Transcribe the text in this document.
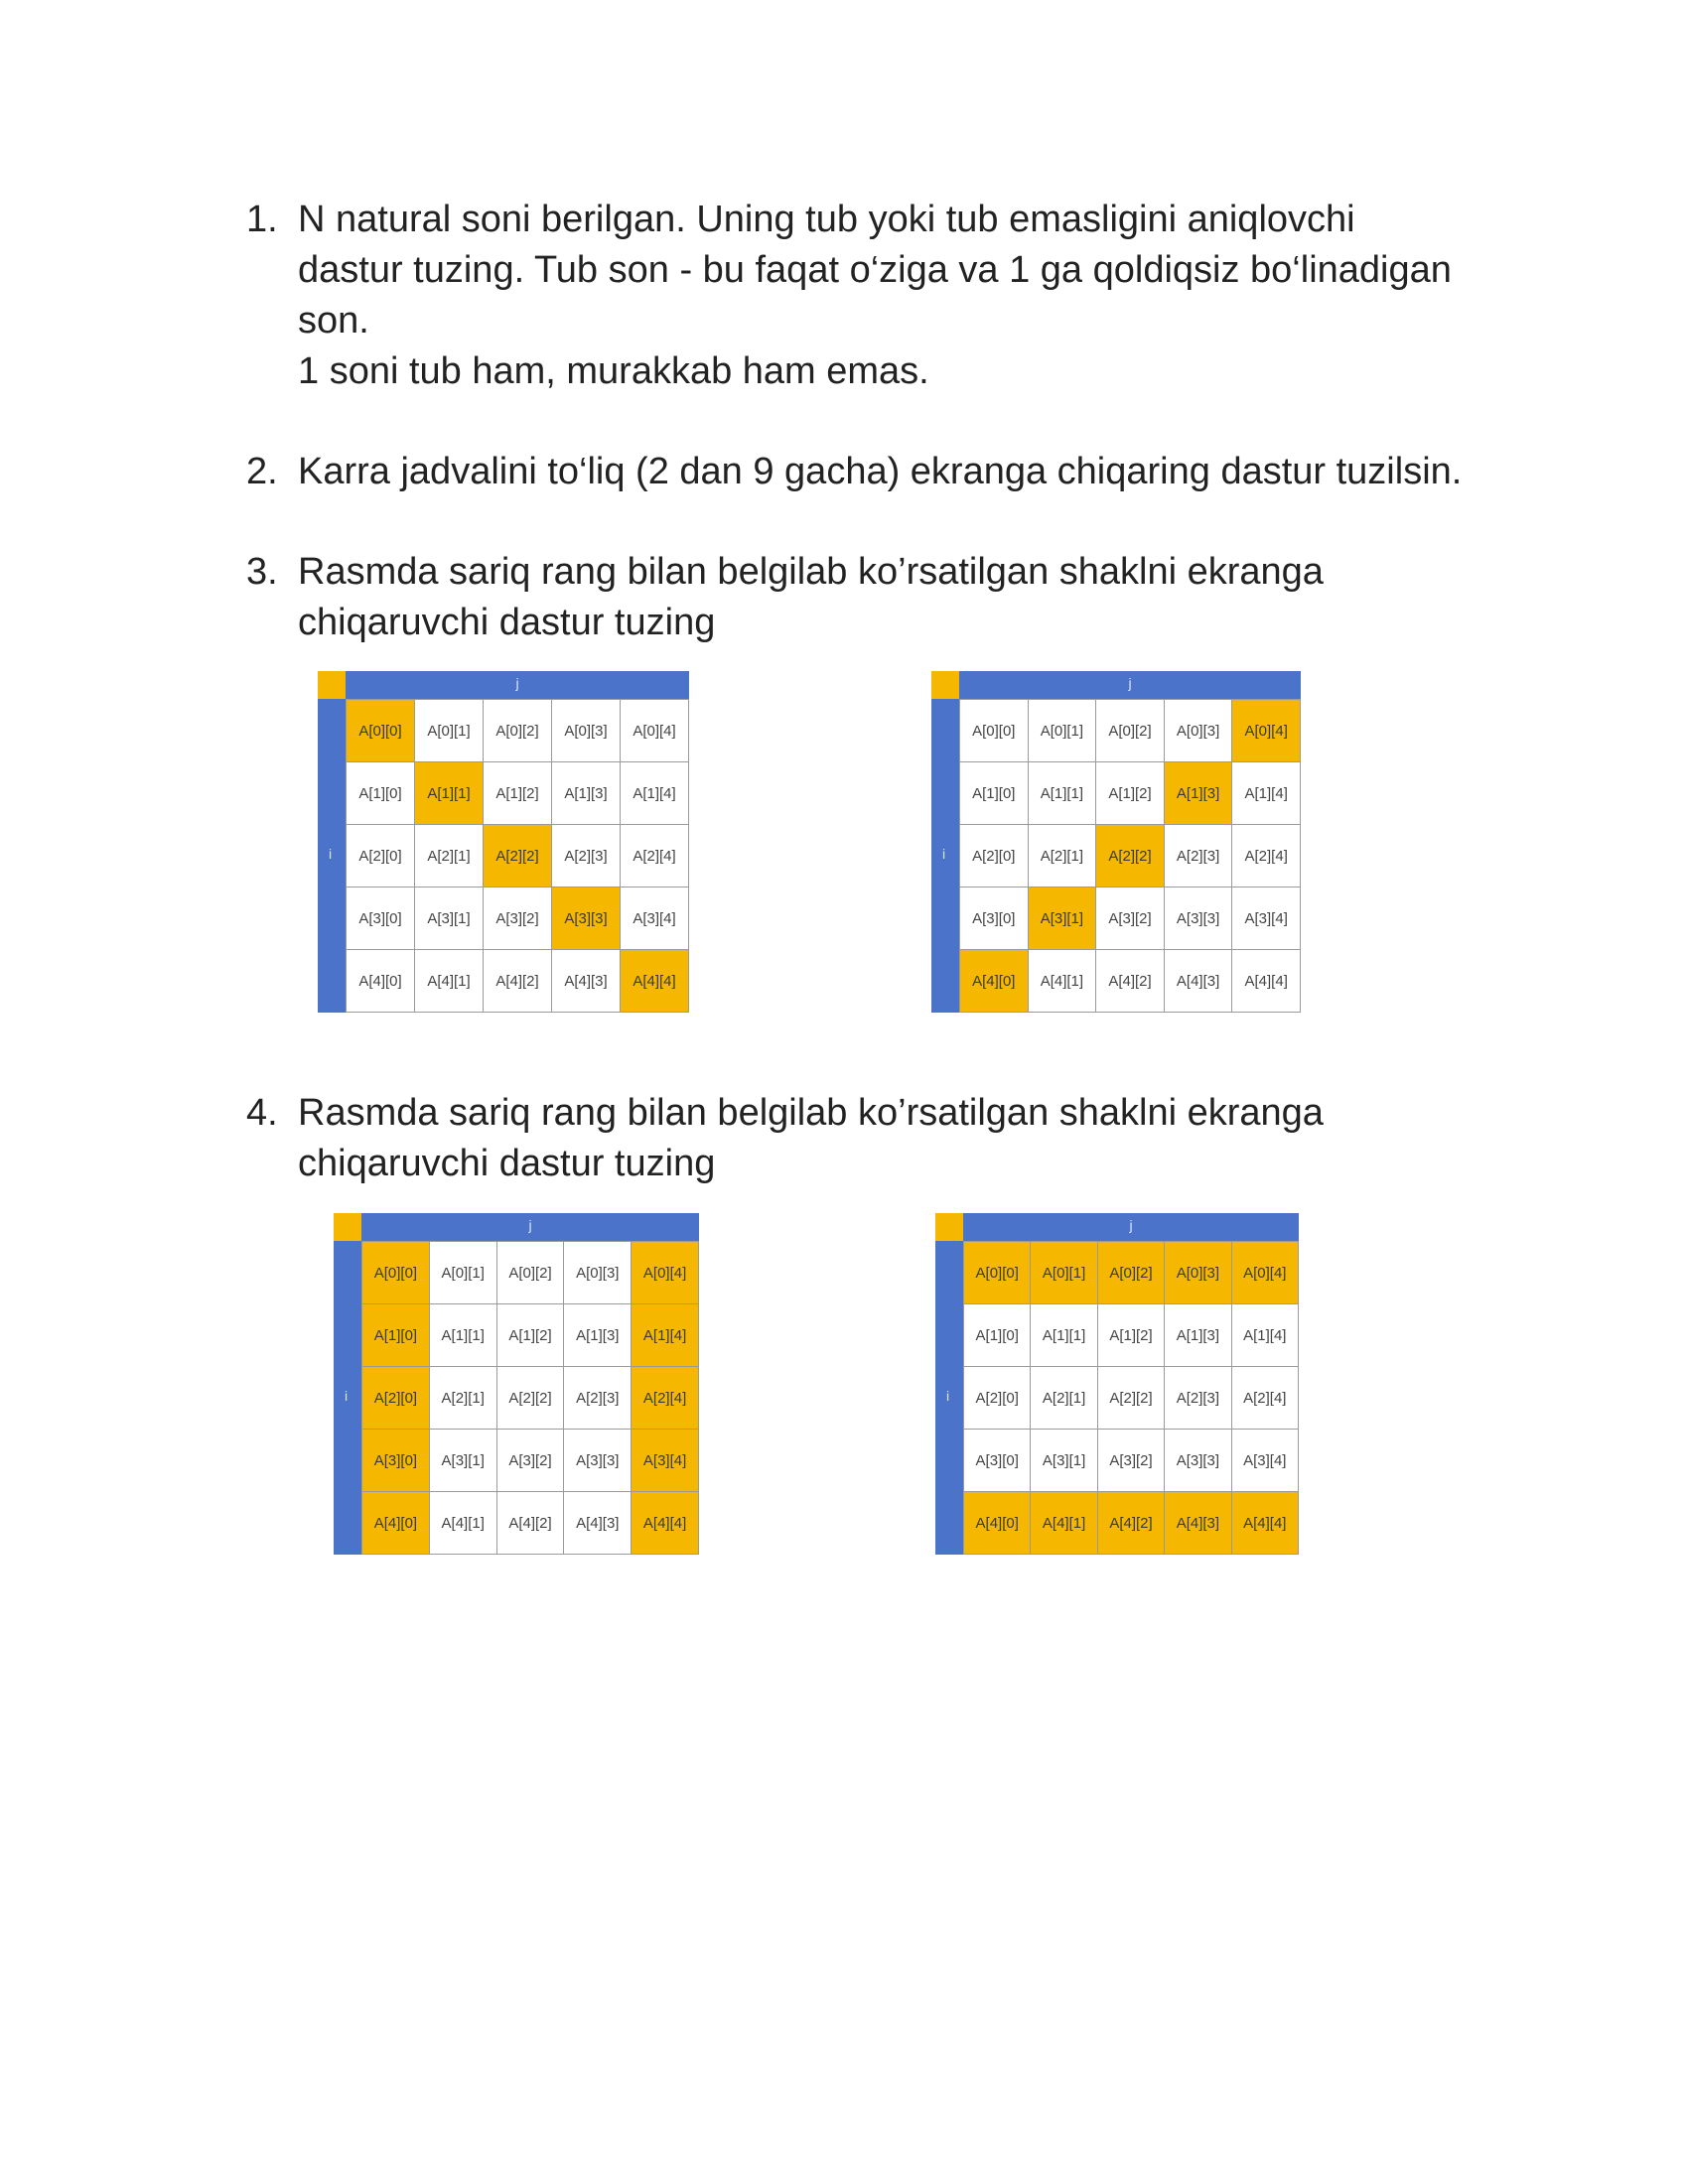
1. N natural soni berilgan. Uning tub yoki tub emasligini aniqlovchi
dastur tuzing. Tub son - bu faqat o‘ziga va 1 ga qoldiqsiz bo‘linadigan
son.
1 soni tub ham, murakkab ham emas.
2. Karra jadvalini to‘liq (2 dan 9 gacha) ekranga chiqaring dastur tuzilsin.
3. Rasmda sariq rang bilan belgilab ko’rsatilgan shaklni ekranga
chiqaruvchi dastur tuzing
j
i
A[0][0]	A[0][1]	A[0][2]	A[0][3]	A[0][4]
A[1][0]	A[1][1]	A[1][2]	A[1][3]	A[1][4]
A[2][0]	A[2][1]	A[2][2]	A[2][3]	A[2][4]
A[3][0]	A[3][1]	A[3][2]	A[3][3]	A[3][4]
A[4][0]	A[4][1]	A[4][2]	A[4][3]	A[4][4]
j
i
A[0][0]	A[0][1]	A[0][2]	A[0][3]	A[0][4]
A[1][0]	A[1][1]	A[1][2]	A[1][3]	A[1][4]
A[2][0]	A[2][1]	A[2][2]	A[2][3]	A[2][4]
A[3][0]	A[3][1]	A[3][2]	A[3][3]	A[3][4]
A[4][0]	A[4][1]	A[4][2]	A[4][3]	A[4][4]
4. Rasmda sariq rang bilan belgilab ko’rsatilgan shaklni ekranga
chiqaruvchi dastur tuzing
j
i
A[0][0]	A[0][1]	A[0][2]	A[0][3]	A[0][4]
A[1][0]	A[1][1]	A[1][2]	A[1][3]	A[1][4]
A[2][0]	A[2][1]	A[2][2]	A[2][3]	A[2][4]
A[3][0]	A[3][1]	A[3][2]	A[3][3]	A[3][4]
A[4][0]	A[4][1]	A[4][2]	A[4][3]	A[4][4]
j
i
A[0][0]	A[0][1]	A[0][2]	A[0][3]	A[0][4]
A[1][0]	A[1][1]	A[1][2]	A[1][3]	A[1][4]
A[2][0]	A[2][1]	A[2][2]	A[2][3]	A[2][4]
A[3][0]	A[3][1]	A[3][2]	A[3][3]	A[3][4]
A[4][0]	A[4][1]	A[4][2]	A[4][3]	A[4][4]
